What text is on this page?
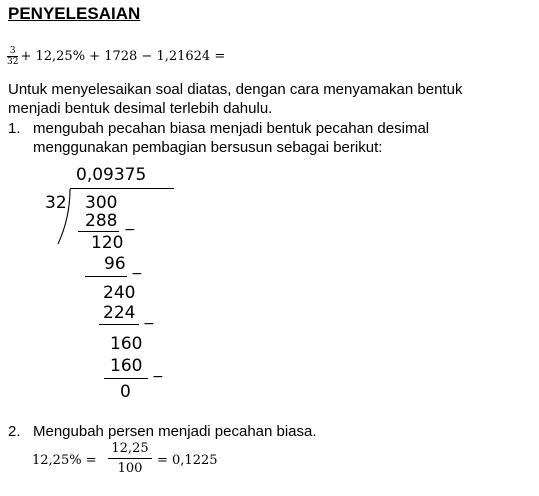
PENYELESAIAN
$\frac{3}{32} + 12,25\% + 1728 - 1,21624$ =
Untuk menyelesaikan soal diatas, dengan cara menyamakan bentuk
menjadi bentuk desimal terlebih dahulu.
1. mengubah pecahan biasa menjadi bentuk pecahan desimal
menggunakan pembagian bersusun sebagai berikut:
0,09375
32 300
288 −
120
96 −
240
224
−
160
160
−
0
2. Mengubah persen menjadi pecahan biasa.
12,25% =
12,25
100
= 0,1225
